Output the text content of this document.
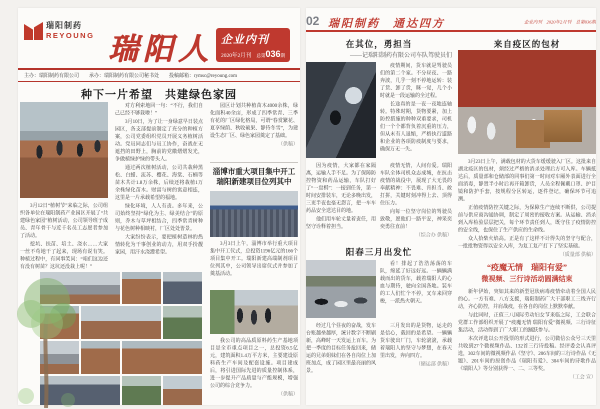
瑞阳制药
REYOUNG 瑞阳人 企业内刊
2020年2月刊 总第036期

主办：瑞阳制药有限公司　　承办：瑞阳制药有限公司秘书处　　投稿邮箱：rymsc@reyoung.com

种下一片希望　共建绿色家园

3月12日“植树节”来临之际，公司组织各单位在瑞阳制药产业园区开展了“共建绿色家园”植树活动，公司领导班子成员、青年骨干与近千名员工志愿者参加了活动。

挖坑、扶苗、培土、浇水……大家一丝不苟地干了起来，现场有说有笑。种植过程中，有同事笑问：“咱们这边还有没有树苗？这坑还没栽上呢！”

对方利索地回一句：“不行，我们自己已经不够栽啦！”

3月10日，为了让一身绿意早日装点园区，各支部提前制定了充分的种植方案，公司党委组织党员开展义务植树活动。党员同志们与员工协作，奋战在无遮挡的田野上，胸前的党徽熠熠发光，争做植绿护绿的带头人。

通过两次植树活动，公司共栽种黑松、白蜡、流苏、樱花、海棠、石楠等苗木共计1.8万余株，后续还将栽植1万余株绿化苗木。财富与树的寓意相连，这里是一片承载希望的福地。

绿化环境，人人有责。多年来，公司始终坚持“绿化为主、绿美结合”的原则，乔木与草坪相结合，四季常青树种与花色树种相映衬，厂区处处皆景。

大家纷纷表示，要把植树造林的热情转化为干事创业的动力，用双手扮靓家园，用汗水浇灌希望。

园区计划共种植苗木4000余株，绿化面积40余亩，形成了四季常青、三季有花的厂区绿化格局，可谓“春赏繁花、夏享绿荫、秋收硕果、静待冬雪”，为建设生态厂区、绿色家园奠定了基础。

（供稿）

淄博市重大项目集中开工
瑞阳新建项目位列其中

3月3日上午，淄博市举行重大项目集中开工仪式，总投资1196亿元的166个项目集中开工。瑞阳新建高端制剂项目位列其中，公司领导出席仪式并参加了奠基活动。

我公司的高品质原料药生产基地项目是全市重点项目之一，总投资6.5亿元，建筑面积1.4万平方米，主要建设原料药生产车间及配套设施。项目建成后，将引进国际先进的质量控制体系，进一步提升产品质量与产能规模，增强公司的综合竞争力。

（供稿）

02 瑞阳制药　通达四方	企业内刊　2020年2月刊　总第036期

在其位，勇担当
——记瑞阳制药有限公司车队驾驶员们

疫情期间，货车就是驾驶员们的第二个家。不分昼夜、一路奔波，几乎一刻不停地运转：装了货、卸了货，眯一觉，几个小时就是一段运输的全过程。

长途真的是一夜一夜地连轴转。特殊时期，货物要紧，加上防控措施的种种双重要求，司机们一个个都背负着沉重的压力，但从未有人退缩，严格执行道路和企业的各项防疫制度与要求，确保万无一失。

因为疫情，大家都在家隔离，运输人手不足。为了保障防控物资和药品运输，车队打好了“一盘棋”：一接到任务，第一时间安排装车，无论多晚出发，三更半夜也毫无怨言，把一车车药品安全送达目的地。

他们用车轮丈量着责任，用坚守诠释着担当。

疫情无情，人间有爱。瑞阳车队全体司机众志成城，在抗击疫情的战役中，展现了大无畏的奉献精神：不畏难、肯担当、敢打拼，关键时刻冲得上去、顶得住压力。

向每一位坚守岗位的驾驶员致敬，愿他们一路平安，神采奕奕勇往直前！

（综合办 供稿）

阳春三月出发忙

看！排起了浩浩荡荡的车队，绵延了好远好远。一辆辆满载而出的货车，载着瑞阳人的心血与期待，驶向全国各地。装车的工人们忙个不停，叉车来回穿梭，一派热火朝天。

经过几个昼夜的奋战，发车台账越垒越厚，统计数字不断刷新，高峰时一天发运上百车。为把一季度的目标任务抢回来，储运的兄弟姐妹们在各自岗位上加班加点，成了园区里最亮丽的风景。

三月发出的是货物，运走的是信心，载回的是希望。一辆辆货车驶出厂门，车轮滚滚，承载着瑞阳人的坚守与梦想，在春天里出发，奔向四方。

（储运部 供稿）

来自疫区的包材

3月23日上午，满载包材的大货车缓缓驶入厂区。这批来自湖北疫区的包材，须经过严格的消杀处理后方可入库。车辆抵达后，质量部和仓储部的同事们第一时间对车厢外表面进行全面消毒，静置半小时后再开箱卸货，人员全程佩戴口罩、护目镜和防护手套，按规程分区转运，逐件登记，确保环节可追溯。

正值疫情防控关键之际，为保障生产连续不断供，公司提前与供应商沟通协调，制定了周密的接收方案。从运输、消杀到入库检验层层把关，每个环节责任到人，既守住了疫情防控的安全线，也保住了生产供应的生命线。

众人拾柴火焰高。正是有了这样不计得失的坚守与配合，一批批物资得以安全入库，为复工复产打下了坚实基础。

（质量部 供稿）

“疫魔无情　瑞阳有爱”
微视频、三行诗活动圆满结束

新年伊始，突如其来的新型冠状病毒疫情牵动着全国人民的心。一方有难、八方支援，瑞阳制药广大干部职工三线齐行动，齐心防控，并肩战疫，在各自的岗位上默默奉献。

与此同时，正值三八国际劳动妇女节来临之际，工会联合党群工作部组织开展了“疫魔无情 瑞阳有爱”微视频、三行诗征集活动，活动得到了广大职工的踊跃参与。

本次评选以公开投票的形式进行，公司微信公众号三天里共收到27个微视频作品、132首三行诗投稿。经评委会认真评选，302车间的微视频作品《坚守》、206车间的三行诗作品《无题》、201车间的原创作品《瑞阳有爱》、304车间的诗歌作品《瑞阳人》等分别获得一、二、三等奖。

（工会 宣）
